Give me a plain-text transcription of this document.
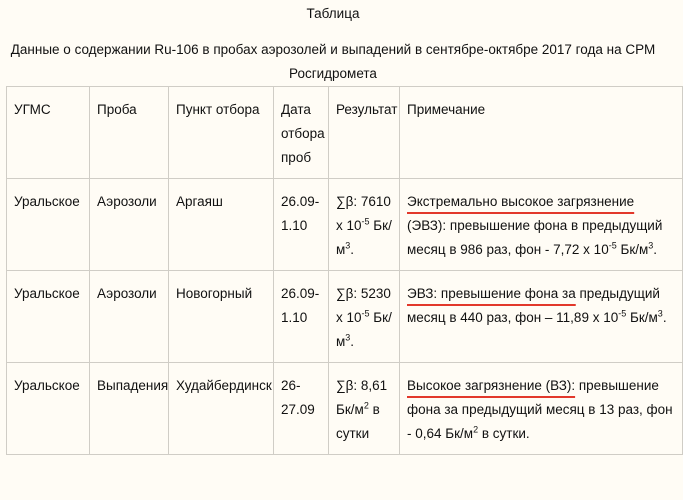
Таблица
Данные о содержании Ru-106 в пробах аэрозолей и выпадений в сентябре-октябре 2017 года на СРМ Росгидромета
УГМС	Проба	Пункт отбора	Дата отбора проб	Результат	Примечание
Уральское	Аэрозоли	Аргаяш	26.09-1.10	∑β: 7610 x $10^{-5}$ $Бк/м^3$.	Экстремально высокое загрязнение (ЭВЗ): превышение фона в предыдущий месяц в 986 раз, фон - 7,72 x $10^{-5}$ $Бк/м^3$.
Уральское	Аэрозоли	Новогорный	26.09-1.10	∑β: 5230 x $10^{-5}$ $Бк/м^3$.	ЭВЗ: превышение фона за предыдущий месяц в 440 раз, фон – 11,89 x $10^{-5}$ $Бк/м^3$.
Уральское	Выпадения	Худайбердинск	26-27.09	∑β: 8,61 $Бк/м^2$ в сутки	Высокое загрязнение (ВЗ): превышение фона за предыдущий месяц в 13 раз, фон - 0,64 $Бк/м^2$ в сутки.
